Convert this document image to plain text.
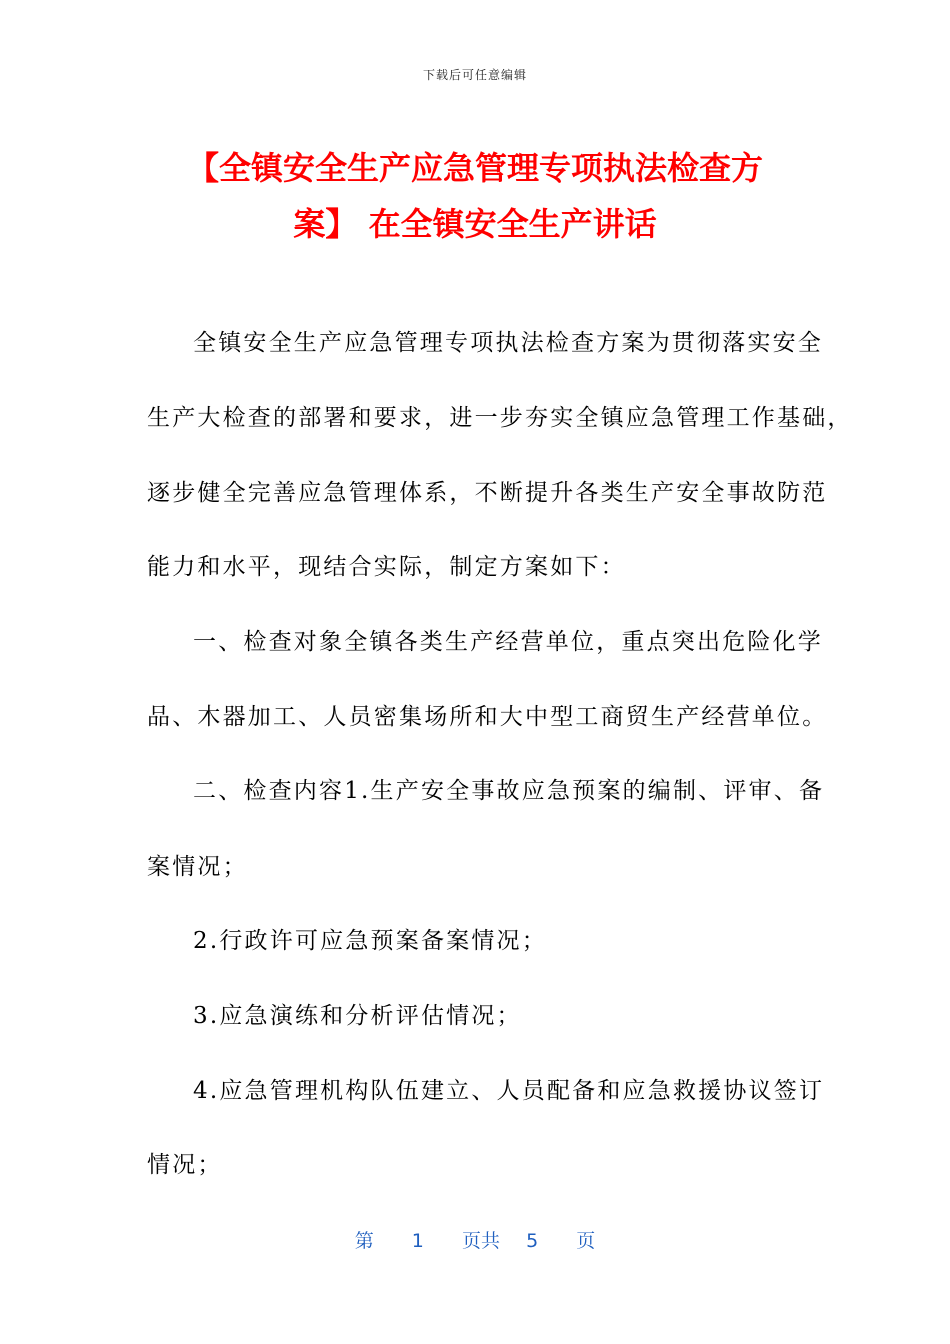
下载后可任意编辑
【全镇安全生产应急管理专项执法检查方
案】 在全镇安全生产讲话
全镇安全生产应急管理专项执法检查方案为贯彻落实安全
生产大检查的部署和要求，进一步夯实全镇应急管理工作基础，
逐步健全完善应急管理体系，不断提升各类生产安全事故防范
能力和水平，现结合实际，制定方案如下：
一、检查对象全镇各类生产经营单位，重点突出危险化学
品、木器加工、人员密集场所和大中型工商贸生产经营单位。
二、检查内容1.生产安全事故应急预案的编制、评审、备
案情况；
2.行政许可应急预案备案情况；
3.应急演练和分析评估情况；
4.应急管理机构队伍建立、人员配备和应急救援协议签订
情况；
第 1 页共 5 页
